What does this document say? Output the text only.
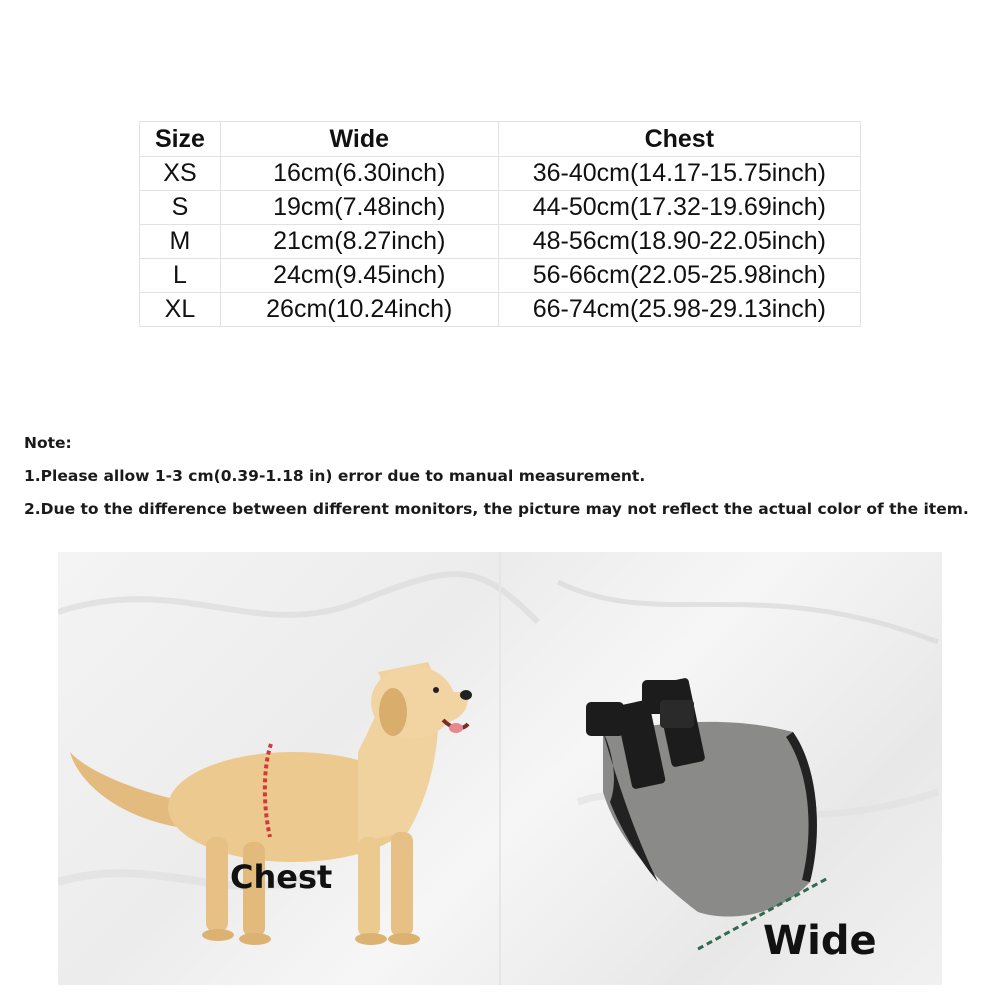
Size	Wide	Chest
XS	16cm(6.30inch)	36-40cm(14.17-15.75inch)
S	19cm(7.48inch)	44-50cm(17.32-19.69inch)
M	21cm(8.27inch)	48-56cm(18.90-22.05inch)
L	24cm(9.45inch)	56-66cm(22.05-25.98inch)
XL	26cm(10.24inch)	66-74cm(25.98-29.13inch)
Note:
1.Please allow 1-3 cm(0.39-1.18 in) error due to manual measurement.
2.Due to the difference between different monitors, the picture may not reflect the actual color of the item.
Chest
Wide
